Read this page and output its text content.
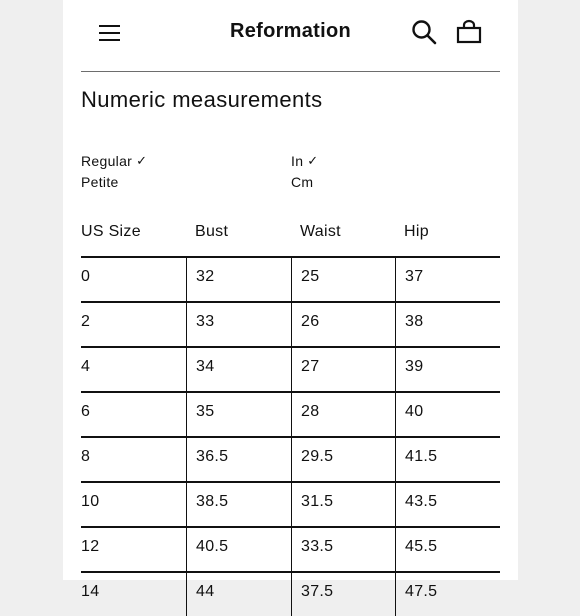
Reformation
Numeric measurements
Regular ✓
Petite
In ✓
Cm
US Size	Bust	Waist	Hip
0	32	25	37
2	33	26	38
4	34	27	39
6	35	28	40
8	36.5	29.5	41.5
10	38.5	31.5	43.5
12	40.5	33.5	45.5
14	44	37.5	47.5
